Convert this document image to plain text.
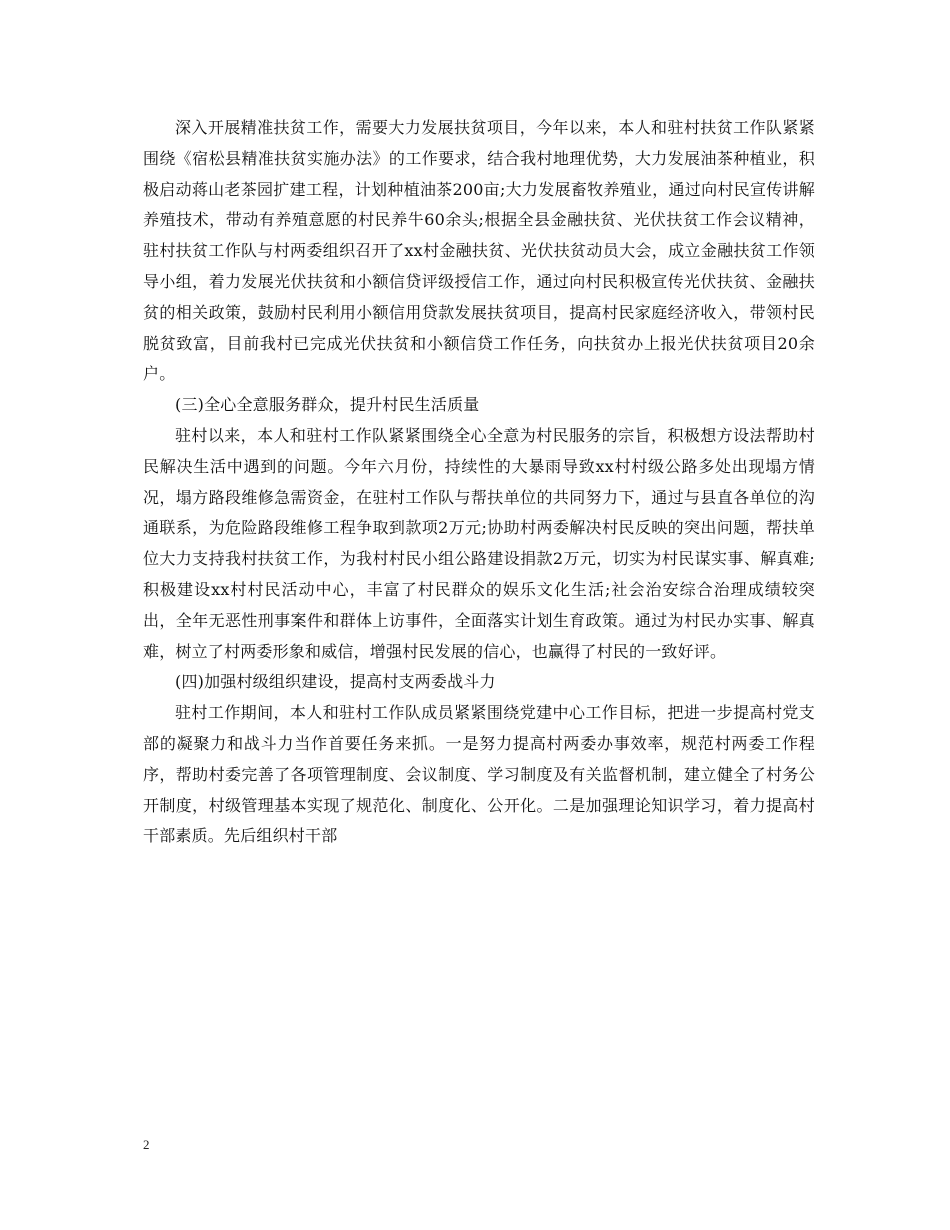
深入开展精准扶贫工作，需要大力发展扶贫项目，今年以来，本人和驻村扶贫工作队紧紧围绕《宿松县精准扶贫实施办法》的工作要求，结合我村地理优势，大力发展油茶种植业，积极启动蒋山老茶园扩建工程，计划种植油茶200亩;大力发展畜牧养殖业，通过向村民宣传讲解养殖技术，带动有养殖意愿的村民养牛60余头;根据全县金融扶贫、光伏扶贫工作会议精神，驻村扶贫工作队与村两委组织召开了xx村金融扶贫、光伏扶贫动员大会，成立金融扶贫工作领导小组，着力发展光伏扶贫和小额信贷评级授信工作，通过向村民积极宣传光伏扶贫、金融扶贫的相关政策，鼓励村民利用小额信用贷款发展扶贫项目，提高村民家庭经济收入，带领村民脱贫致富，目前我村已完成光伏扶贫和小额信贷工作任务，向扶贫办上报光伏扶贫项目20余户。

(三)全心全意服务群众，提升村民生活质量

驻村以来，本人和驻村工作队紧紧围绕全心全意为村民服务的宗旨，积极想方设法帮助村民解决生活中遇到的问题。今年六月份，持续性的大暴雨导致xx村村级公路多处出现塌方情况，塌方路段维修急需资金，在驻村工作队与帮扶单位的共同努力下，通过与县直各单位的沟通联系，为危险路段维修工程争取到款项2万元;协助村两委解决村民反映的突出问题，帮扶单位大力支持我村扶贫工作，为我村村民小组公路建设捐款2万元，切实为村民谋实事、解真难;积极建设xx村村民活动中心，丰富了村民群众的娱乐文化生活;社会治安综合治理成绩较突出，全年无恶性刑事案件和群体上访事件，全面落实计划生育政策。通过为村民办实事、解真难，树立了村两委形象和威信，增强村民发展的信心，也赢得了村民的一致好评。

(四)加强村级组织建设，提高村支两委战斗力

驻村工作期间，本人和驻村工作队成员紧紧围绕党建中心工作目标，把进一步提高村党支部的凝聚力和战斗力当作首要任务来抓。一是努力提高村两委办事效率，规范村两委工作程序，帮助村委完善了各项管理制度、会议制度、学习制度及有关监督机制，建立健全了村务公开制度，村级管理基本实现了规范化、制度化、公开化。二是加强理论知识学习，着力提高村干部素质。先后组织村干部

2
